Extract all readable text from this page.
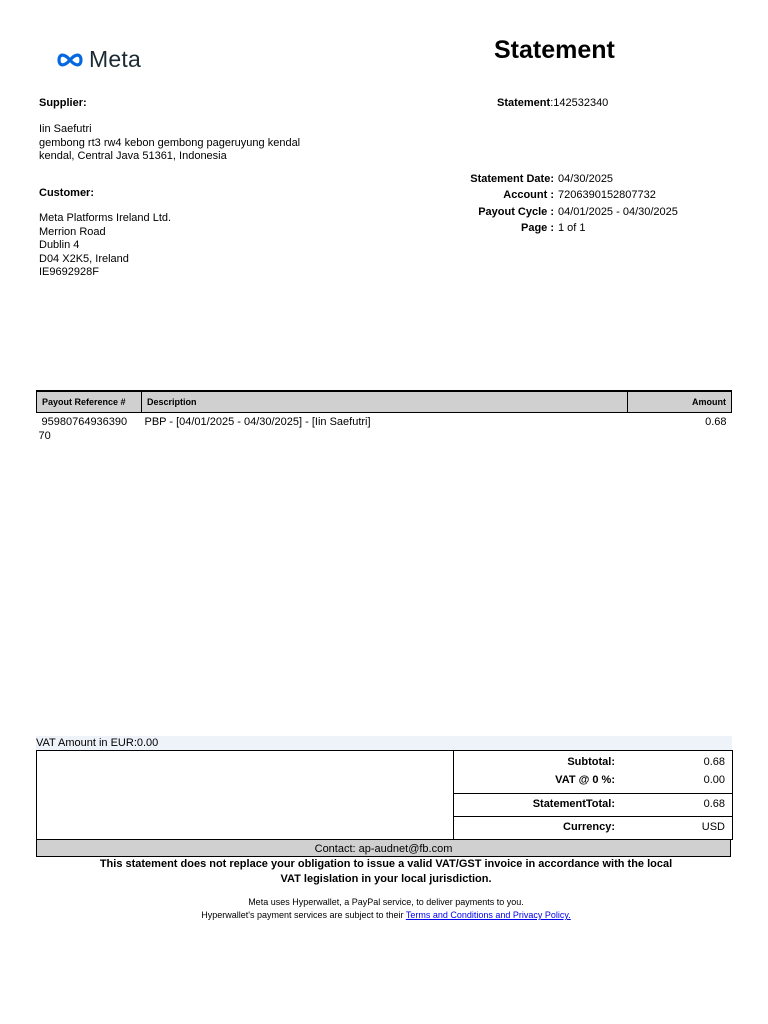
Meta	Statement
Supplier:
Iin Saefutri
gembong rt3 rw4 kebon gembong pageruyung kendal
kendal, Central Java 51361, Indonesia
Customer:
Meta Platforms Ireland Ltd.
Merrion Road
Dublin 4
D04 X2K5, Ireland
IE9692928F
Statement:142532340
Statement Date: 04/30/2025
Account : 7206390152807732
Payout Cycle : 04/01/2025 - 04/30/2025
Page : 1 of 1
Payout Reference #	Description	Amount

95980764936390
70	PBP - [04/01/2025 - 04/30/2025] - [Iin Saefutri]	0.68
VAT Amount in EUR:0.00
Subtotal:	0.68
VAT @ 0 %:	0.00
StatementTotal:	0.68
Currency:	USD
Contact: ap-audnet@fb.com
This statement does not replace your obligation to issue a valid VAT/GST invoice in accordance with the local
VAT legislation in your local jurisdiction.
Meta uses Hyperwallet, a PayPal service, to deliver payments to you.
Hyperwallet's payment services are subject to their Terms and Conditions and Privacy Policy.
